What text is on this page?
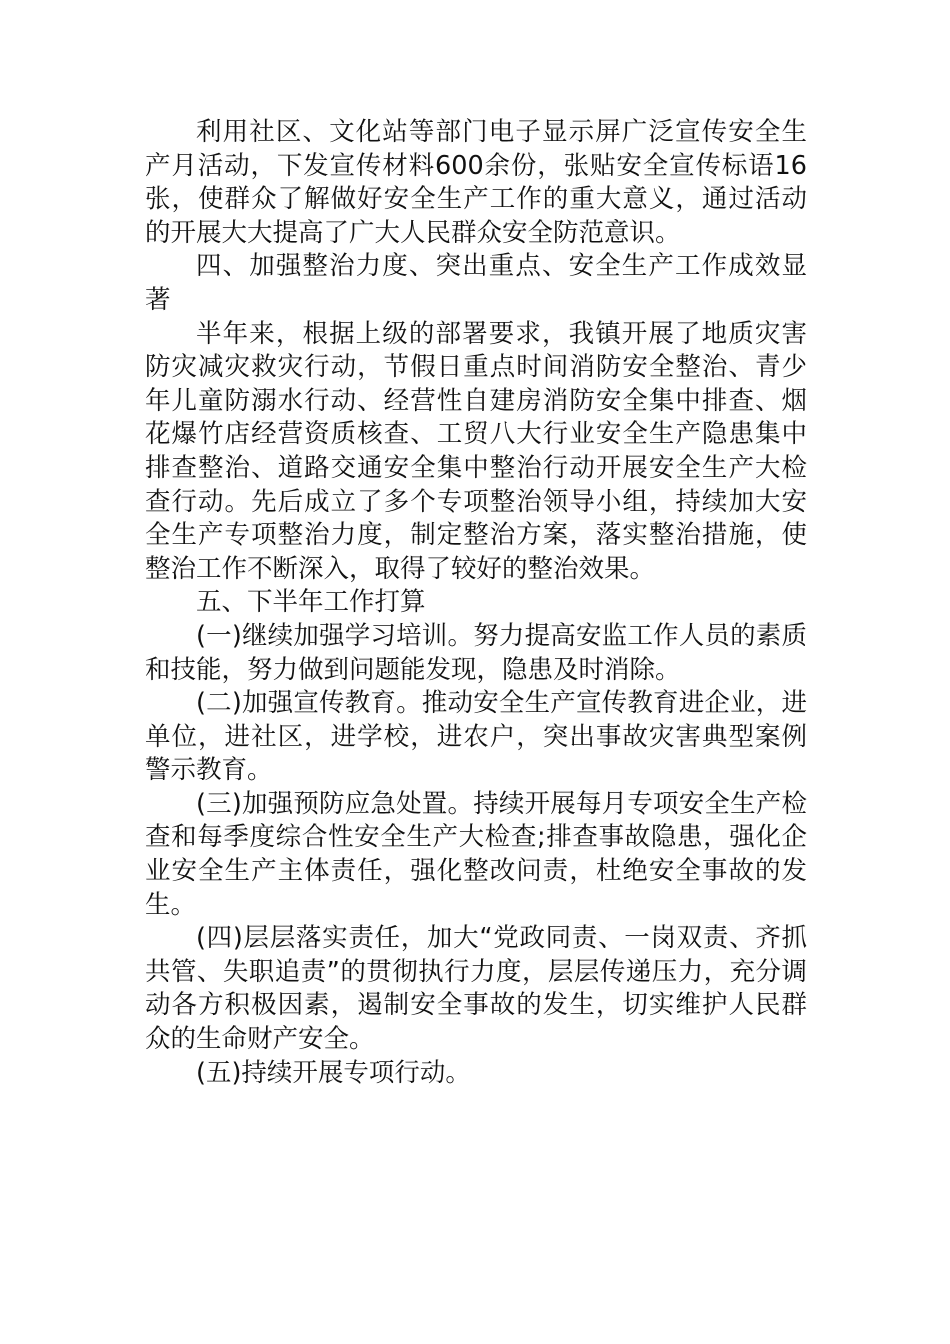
利用社区、文化站等部门电子显示屏广泛宣传安全生产月活动，下发宣传材料600余份，张贴安全宣传标语16张，使群众了解做好安全生产工作的重大意义，通过活动的开展大大提高了广大人民群众安全防范意识。

四、加强整治力度、突出重点、安全生产工作成效显著

半年来，根据上级的部署要求，我镇开展了地质灾害防灾减灾救灾行动，节假日重点时间消防安全整治、青少年儿童防溺水行动、经营性自建房消防安全集中排查、烟花爆竹店经营资质核查、工贸八大行业安全生产隐患集中排查整治、道路交通安全集中整治行动开展安全生产大检查行动。先后成立了多个专项整治领导小组，持续加大安全生产专项整治力度，制定整治方案，落实整治措施，使整治工作不断深入，取得了较好的整治效果。

五、下半年工作打算

(一)继续加强学习培训。努力提高安监工作人员的素质和技能，努力做到问题能发现，隐患及时消除。

(二)加强宣传教育。推动安全生产宣传教育进企业，进单位，进社区，进学校，进农户，突出事故灾害典型案例警示教育。

(三)加强预防应急处置。持续开展每月专项安全生产检查和每季度综合性安全生产大检查;排查事故隐患，强化企业安全生产主体责任，强化整改问责，杜绝安全事故的发生。

(四)层层落实责任，加大“党政同责、一岗双责、齐抓共管、失职追责”的贯彻执行力度，层层传递压力，充分调动各方积极因素，遏制安全事故的发生，切实维护人民群众的生命财产安全。

(五)持续开展专项行动。
